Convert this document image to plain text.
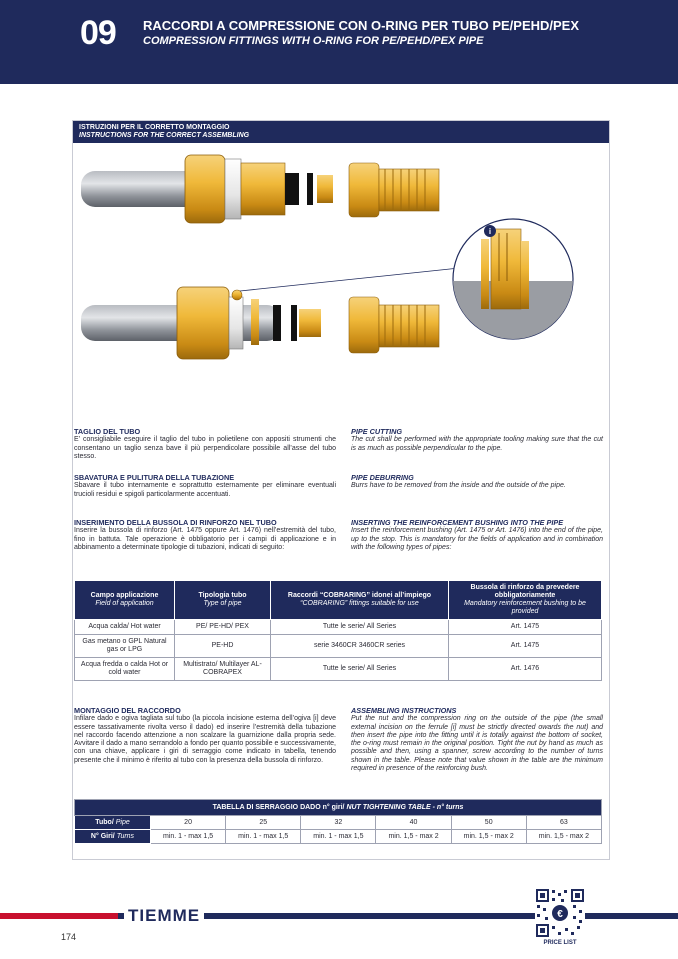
09 RACCORDI A COMPRESSIONE CON O-RING PER TUBO PE/PEHD/PEX
COMPRESSION FITTINGS WITH O-RING FOR PE/PEHD/PEX PIPE
ISTRUZIONI PER IL CORRETTO MONTAGGIO
INSTRUCTIONS FOR THE CORRECT ASSEMBLING
i
TAGLIO DEL TUBO
E’ consigliabile eseguire il taglio del tubo in polietilene con appositi strumenti che consentano un taglio senza bave il più perpendicolare possibile all’asse del tubo stesso.
PIPE CUTTING
The cut shall be performed with the appropriate tooling making sure that the cut is as much as possible perpendicular to the pipe.
SBAVATURA E PULITURA DELLA TUBAZIONE
Sbavare il tubo internamente e soprattutto esternamente per eliminare eventuali trucioli residui e spigoli particolarmente accentuati.
PIPE DEBURRING
Burrs have to be removed from the inside and the outside of the pipe.
INSERIMENTO DELLA BUSSOLA DI RINFORZO NEL TUBO
Inserire la bussola di rinforzo (Art. 1475 oppure Art. 1476) nell’estremità del tubo, fino in battuta. Tale operazione è obbligatorio per i campi di applicazione e in abbinamento a determinate tipologie di tubazioni, indicati di seguito:
INSERTING THE REINFORCEMENT BUSHING INTO THE PIPE
Insert the reinforcement bushing (Art. 1475 or Art. 1476) into the end of the pipe, up to the stop. This is mandatory for the fields of application and in combination with the following types of pipes:
Campo applicazione
Field of application	Tipologia tubo
Type of pipe	Raccordi “COBRARING” idonei all’impiego
“COBRARING” fittings suitable for use	Bussola di rinforzo da prevedere obbligatoriamente
Mandatory reinforcement bushing to be provided

Acqua calda/ Hot water	PE/ PE-HD/ PEX	Tutte le serie/ All Series	Art. 1475
Gas metano o GPL Natural gas or LPG	PE-HD	serie 3460CR 3460CR series	Art. 1475
Acqua fredda o calda Hot or cold water	Multistrato/ Multilayer AL-COBRAPEX	Tutte le serie/ All Series	Art. 1476
MONTAGGIO DEL RACCORDO
Infilare dado e ogiva tagliata sul tubo (la piccola incisione esterna dell’ogiva [i] deve essere tassativamente rivolta verso il dado) ed inserire l’estremità della tubazione nel raccordo facendo attenzione a non scalzare la guarnizione dalla propria sede. Avvitare il dado a mano serrandolo a fondo per quanto possibile e successivamente, con una chiave, applicare i giri di serraggio come indicato in tabella, tenendo presente che il minimo è riferito al tubo con la presenza della bussola di rinforzo.
ASSEMBLING INSTRUCTIONS
Put the nut and the compression ring on the outside of the pipe (the small external incision on the ferrule [i] must be strictly directed owards the nut) and then insert the pipe into the fitting until it is totally against the bottom of socket, the o-ring must remain in the original position. Tight the nut by hand as much as possible and then, using a spanner, screw according to the number of turns shown in the table. Please note that value shown in the table are the minimum required in presence of the reinforcing bush.
TABELLA DI SERRAGGIO DADO n° giri/ NUT TIGHTENING TABLE - n° turns						
Tubo/ Pipe	20	25	32	40	50	63
N° Giri/ Turns	min. 1 - max 1,5	min. 1 - max 1,5	min. 1 - max 1,5	min. 1,5 - max 2	min. 1,5 - max 2	min. 1,5 - max 2
TIEMME
174
€
PRICE LIST
